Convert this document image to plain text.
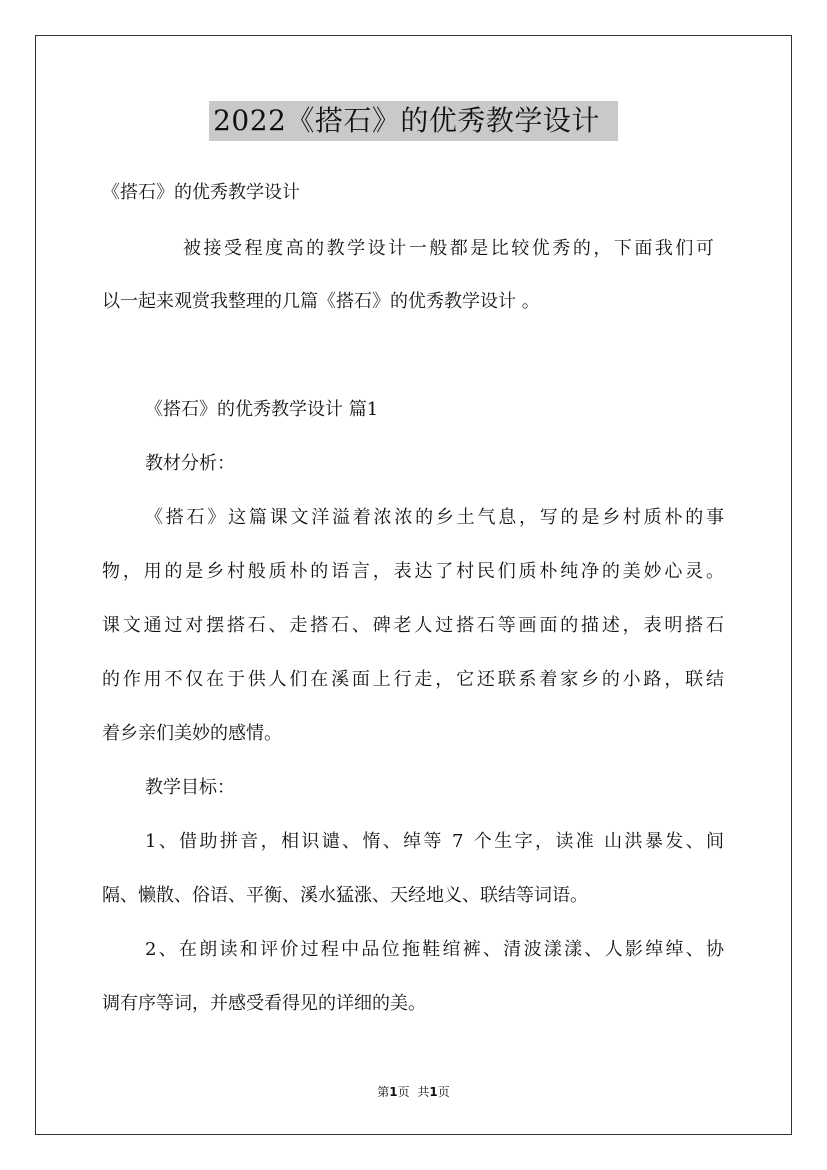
2022《搭石》的优秀教学设计
《搭石》的优秀教学设计
被接受程度高的教学设计一般都是比较优秀的，下面我们可
以一起来观赏我整理的几篇《搭石》的优秀教学设计 。
《搭石》的优秀教学设计 篇1
教材分析：
《搭石》这篇课文洋溢着浓浓的乡土气息，写的是乡村质朴的事
物，用的是乡村般质朴的语言，表达了村民们质朴纯净的美妙心灵。
课文通过对摆搭石、走搭石、碑老人过搭石等画面的描述，表明搭石
的作用不仅在于供人们在溪面上行走，它还联系着家乡的小路，联结
着乡亲们美妙的感情。
教学目标：
1、借助拼音，相识谴、惰、绰等 7 个生字，读准 山洪暴发、间
隔、懒散、俗语、平衡、溪水猛涨、天经地义、联结等词语。
2、在朗读和评价过程中品位拖鞋绾裤、清波漾漾、人影绰绰、协
调有序等词，并感受看得见的详细的美。
第1页 共1页
